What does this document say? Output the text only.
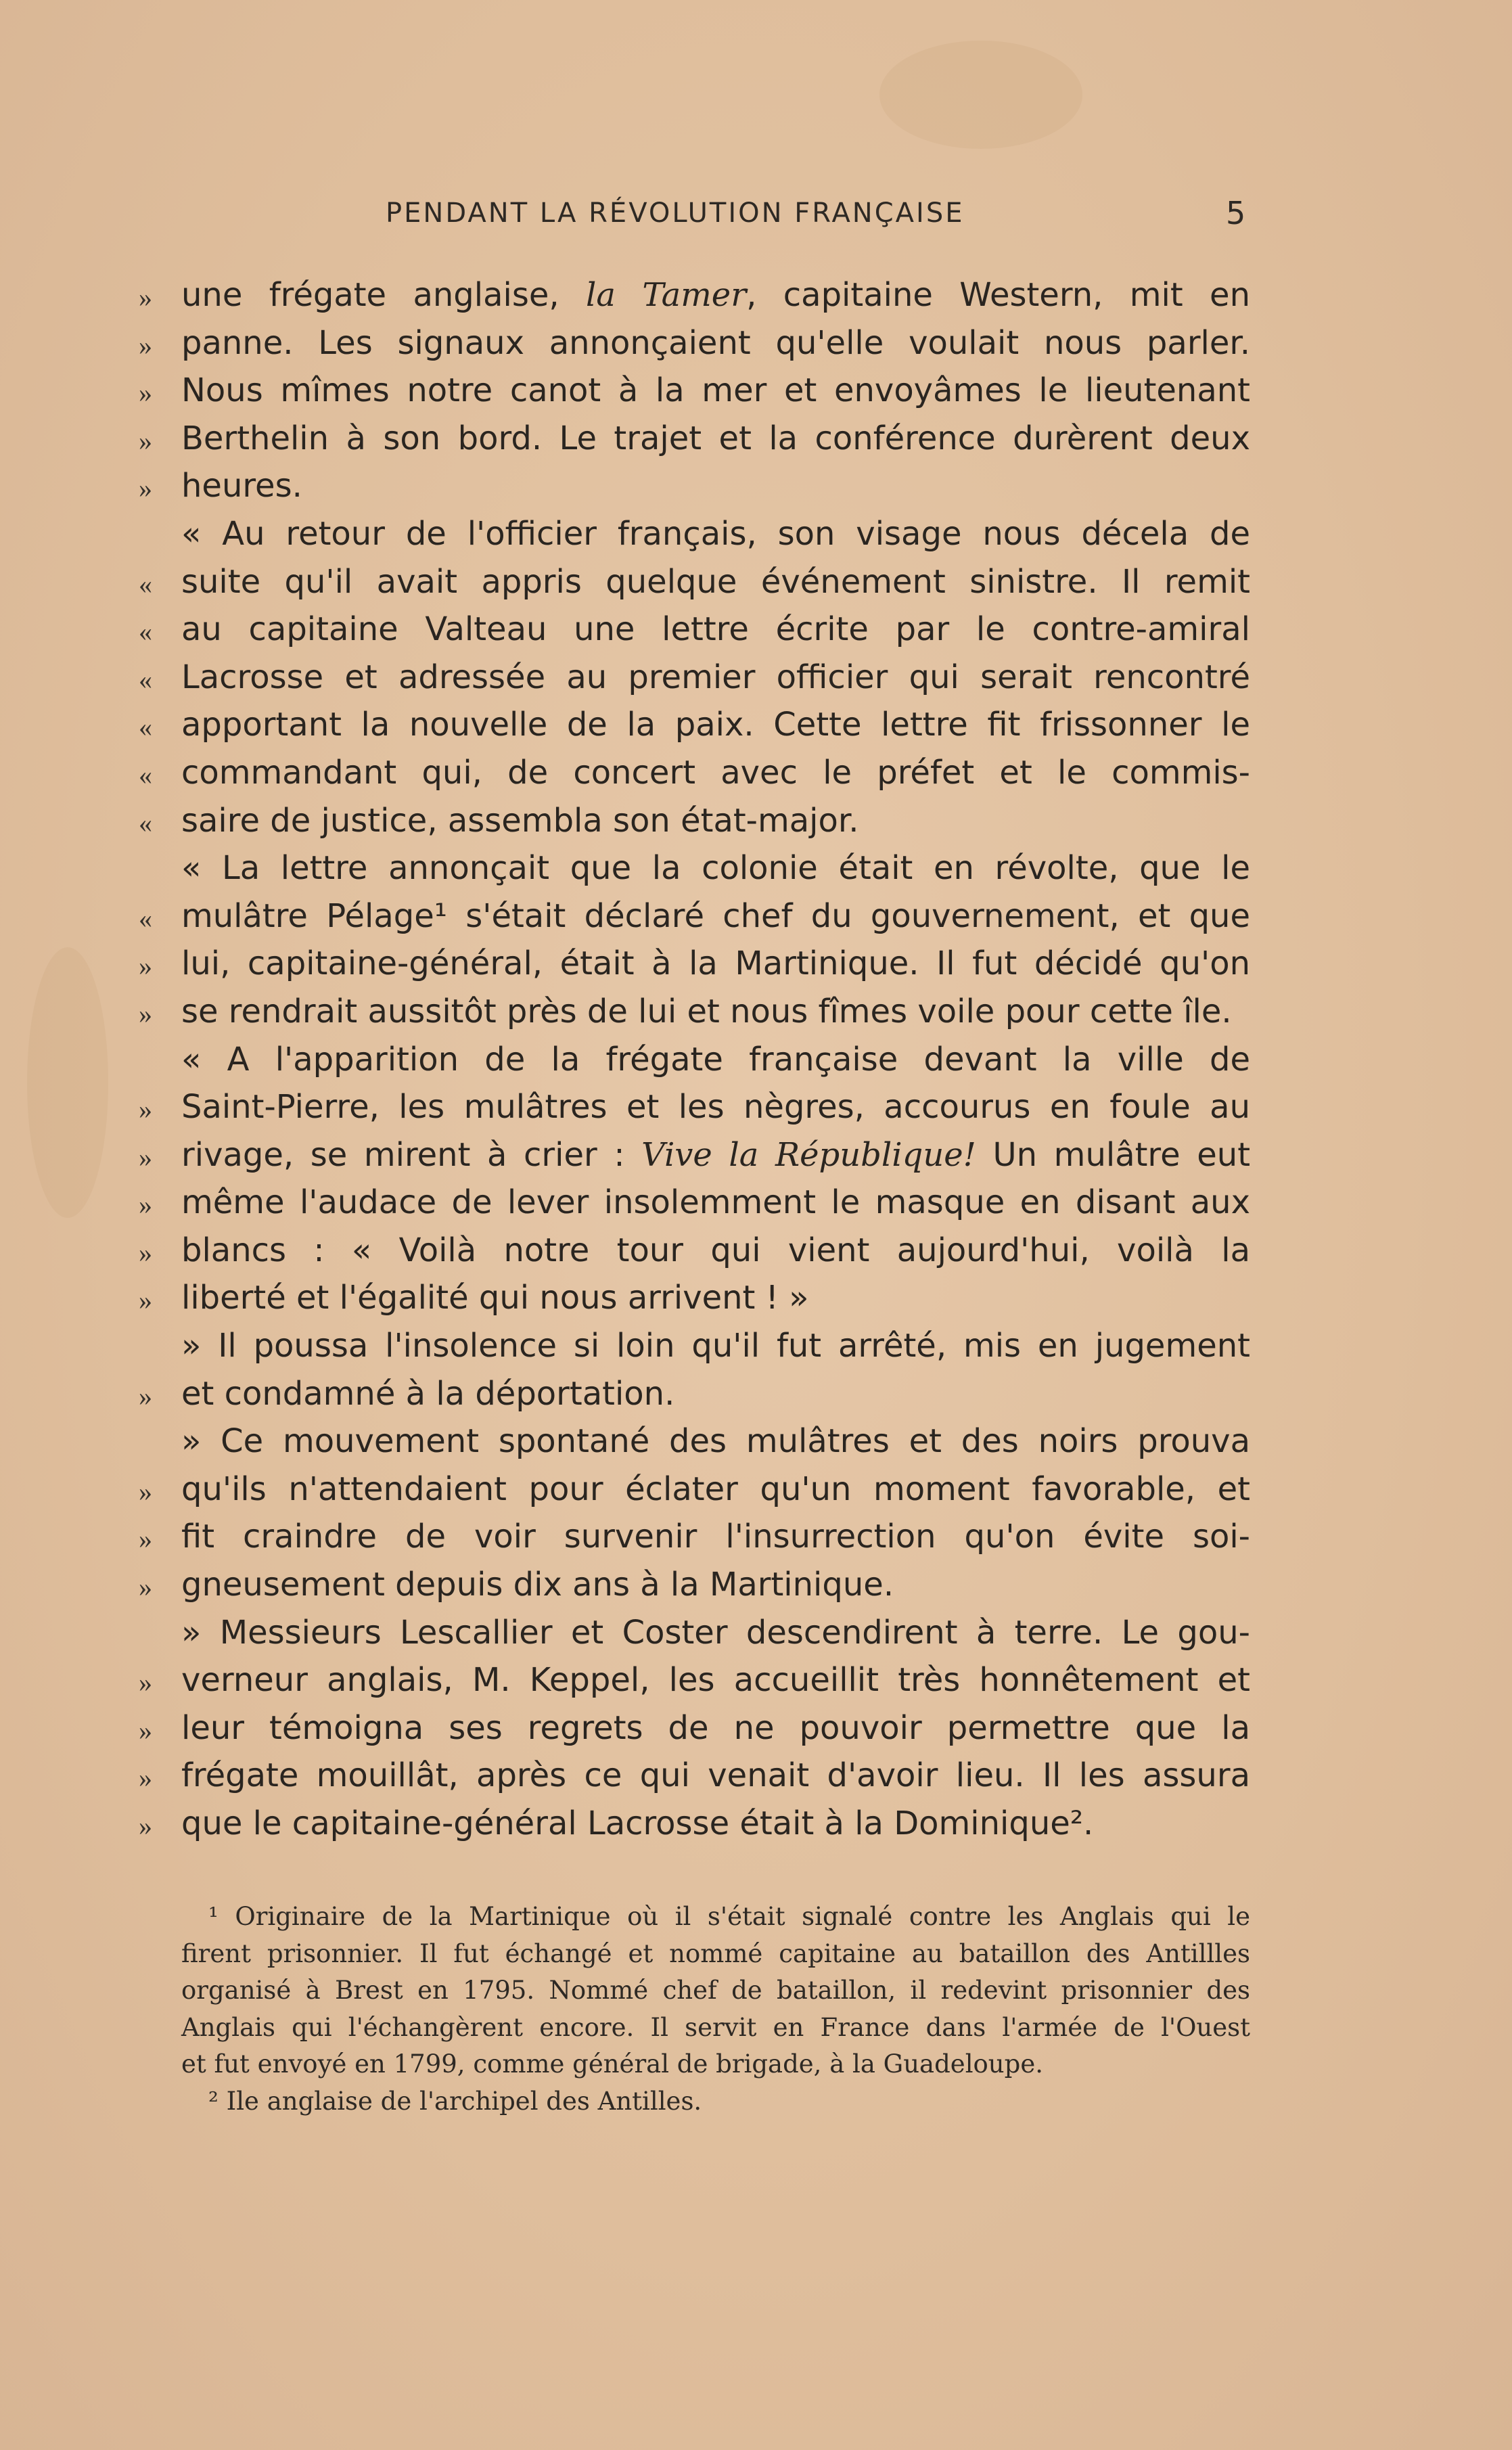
PENDANT LA RÉVOLUTION FRANÇAISE	5
» une frégate anglaise, la Tamer, capitaine Western, mit en
» panne. Les signaux annonçaient qu'elle voulait nous parler.
» Nous mîmes notre canot à la mer et envoyâmes le lieutenant
» Berthelin à son bord. Le trajet et la conférence durèrent deux
» heures.
« Au retour de l'officier français, son visage nous décela de
« suite qu'il avait appris quelque événement sinistre. Il remit
« au capitaine Valteau une lettre écrite par le contre-amiral
« Lacrosse et adressée au premier officier qui serait rencontré
« apportant la nouvelle de la paix. Cette lettre fit frissonner le
« commandant qui, de concert avec le préfet et le commis-
« saire de justice, assembla son état-major.
« La lettre annonçait que la colonie était en révolte, que le
« mulâtre Pélage¹ s'était déclaré chef du gouvernement, et que
» lui, capitaine-général, était à la Martinique. Il fut décidé qu'on
» se rendrait aussitôt près de lui et nous fîmes voile pour cette île.
« A l'apparition de la frégate française devant la ville de
» Saint-Pierre, les mulâtres et les nègres, accourus en foule au
» rivage, se mirent à crier : Vive la République! Un mulâtre eut
» même l'audace de lever insolemment le masque en disant aux
» blancs : « Voilà notre tour qui vient aujourd'hui, voilà la
» liberté et l'égalité qui nous arrivent ! »
» Il poussa l'insolence si loin qu'il fut arrêté, mis en jugement
» et condamné à la déportation.
» Ce mouvement spontané des mulâtres et des noirs prouva
» qu'ils n'attendaient pour éclater qu'un moment favorable, et
» fit craindre de voir survenir l'insurrection qu'on évite soi-
» gneusement depuis dix ans à la Martinique.
» Messieurs Lescallier et Coster descendirent à terre. Le gou-
» verneur anglais, M. Keppel, les accueillit très honnêtement et
» leur témoigna ses regrets de ne pouvoir permettre que la
» frégate mouillât, après ce qui venait d'avoir lieu. Il les assura
» que le capitaine-général Lacrosse était à la Dominique².
¹ Originaire de la Martinique où il s'était signalé contre les Anglais qui le
firent prisonnier. Il fut échangé et nommé capitaine au bataillon des Antillles
organisé à Brest en 1795. Nommé chef de bataillon, il redevint prisonnier des
Anglais qui l'échangèrent encore. Il servit en France dans l'armée de l'Ouest
et fut envoyé en 1799, comme général de brigade, à la Guadeloupe.
² Ile anglaise de l'archipel des Antilles.
